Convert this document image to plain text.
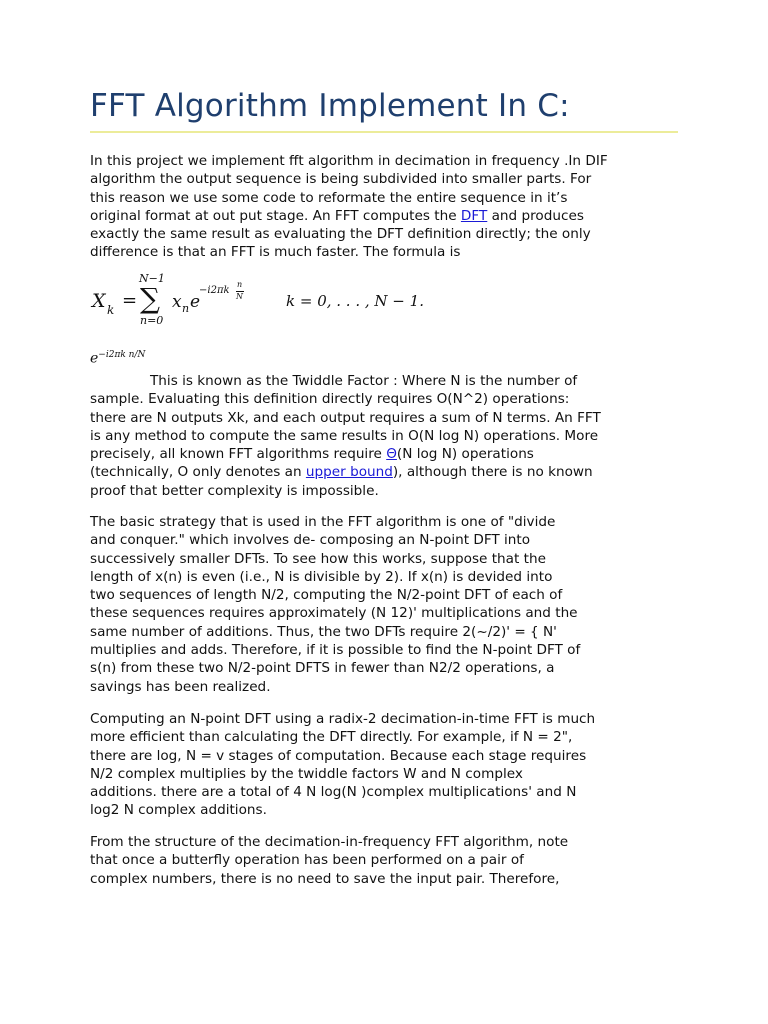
FFT Algorithm Implement In C:

In this project we implement fft algorithm in decimation in frequency .In DIF
algorithm the output sequence is being subdivided into smaller parts. For
this reason we use some code to reformate the entire sequence in it’s
original format at out put stage. An FFT computes the DFT and produces
exactly the same result as evaluating the DFT definition directly; the only
difference is that an FFT is much faster. The formula is

X k =
N−1
∑
n=0
x n e
−i2πk
n
N	k = 0, . . . , N − 1.
$e^{-i2\pi k n/N}$

This is known as the Twiddle Factor : Where N is the number of
sample. Evaluating this definition directly requires O(N^2) operations:
there are N outputs Xk, and each output requires a sum of N terms. An FFT
is any method to compute the same results in O(N log N) operations. More
precisely, all known FFT algorithms require Θ(N log N) operations
(technically, O only denotes an upper bound), although there is no known
proof that better complexity is impossible.

The basic strategy that is used in the FFT algorithm is one of "divide
and conquer." which involves de- composing an N-point DFT into
successively smaller DFTs. To see how this works, suppose that the
length of x(n) is even (i.e., N is divisible by 2). If x(n) is devided into
two sequences of length N/2, computing the N/2-point DFT of each of
these sequences requires approximately (N 12)' multiplications and the
same number of additions. Thus, the two DFTs require 2(~/2)' = { N'
multiplies and adds. Therefore, if it is possible to find the N-point DFT of
s(n) from these two N/2-point DFTS in fewer than N2/2 operations, a
savings has been realized.

Computing an N-point DFT using a radix-2 decimation-in-time FFT is much
more efficient than calculating the DFT directly. For example, if N = 2",
there are log, N = v stages of computation. Because each stage requires
N/2 complex multiplies by the twiddle factors W and N complex
additions. there are a total of 4 N log(N )complex multiplications' and N
log2 N complex additions.

From the structure of the decimation-in-frequency FFT algorithm, note
that once a butterfly operation has been performed on a pair of
complex numbers, there is no need to save the input pair. Therefore,
